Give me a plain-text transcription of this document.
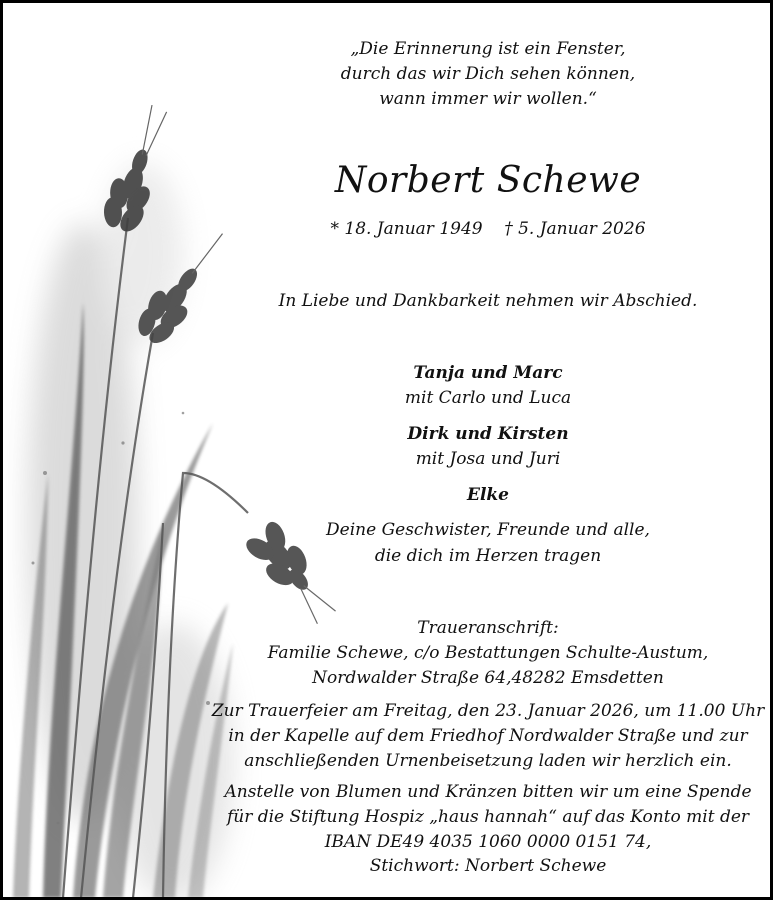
„Die Erinnerung ist ein Fenster,
durch das wir Dich sehen können,
wann immer wir wollen.“
Norbert Schewe
* 18. Januar 1949    † 5. Januar 2026
In Liebe und Dankbarkeit nehmen wir Abschied.
Tanja und Marc
mit Carlo und Luca
Dirk und Kirsten
mit Josa und Juri
Elke
Deine Geschwister, Freunde und alle,
die dich im Herzen tragen
Traueranschrift:
Familie Schewe, c/o Bestattungen Schulte-Austum,
Nordwalder Straße 64,48282 Emsdetten
Zur Trauerfeier am Freitag, den 23. Januar 2026, um 11.00 Uhr
in der Kapelle auf dem Friedhof Nordwalder Straße und zur
anschließenden Urnenbeisetzung laden wir herzlich ein.
Anstelle von Blumen und Kränzen bitten wir um eine Spende
für die Stiftung Hospiz „haus hannah“ auf das Konto mit der
IBAN DE49 4035 1060 0000 0151 74,
Stichwort: Norbert Schewe
